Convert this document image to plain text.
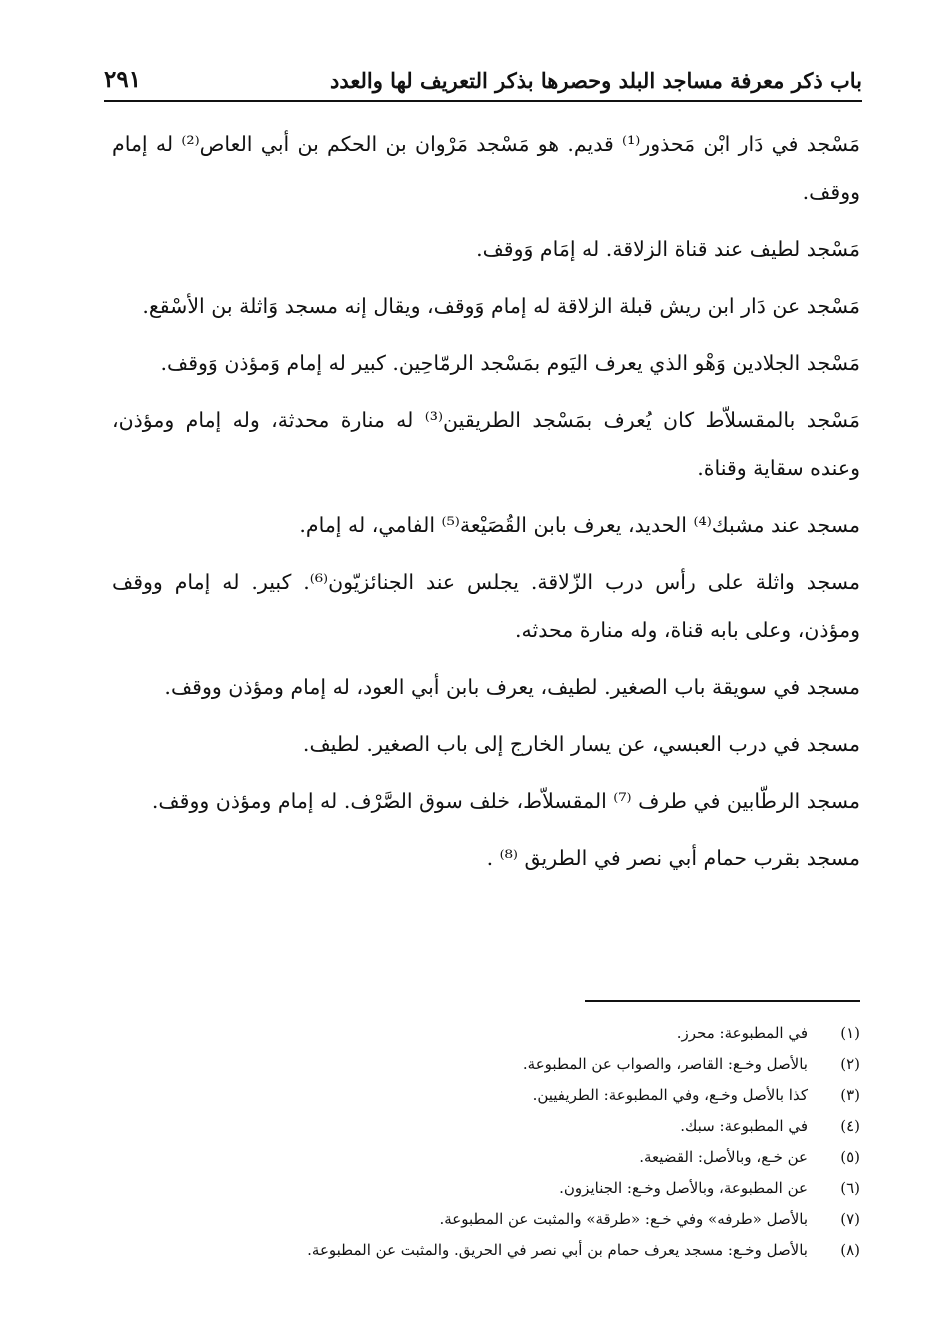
باب ذكر معرفة مساجد البلد وحصرها بذكر التعريف لها والعدد
٢٩١

مَسْجد في دَار ابْن مَحذور⁽¹⁾ قديم. هو مَسْجد مَرْوان بن الحكم بن أبي العاص⁽²⁾ له إمام ووقف.

مَسْجد لطيف عند قناة الزلاقة. له إمَام وَوقف.

مَسْجد عن دَار ابن ريش قبلة الزلاقة له إمام وَوقف، ويقال إنه مسجد وَاثلة بن الأسْقع.

مَسْجد الجلادين وَهْو الذي يعرف اليَوم بمَسْجد الرمّاحِين. كبير له إمام وَمؤذن وَوقف.

مَسْجد بالمقسلاّط كان يُعرف بمَسْجد الطريقين⁽³⁾ له منارة محدثة، وله إمام ومؤذن، وعنده سقاية وقناة.

مسجد عند مشبك⁽⁴⁾ الحديد، يعرف بابن القُصَيْعة⁽⁵⁾ الفامي، له إمام.

مسجد واثلة على رأس درب الزّلاقة. يجلس عند الجنائزيّون⁽⁶⁾. كبير. له إمام ووقف ومؤذن، وعلى بابه قناة، وله منارة محدثه.

مسجد في سويقة باب الصغير. لطيف، يعرف بابن أبي العود، له إمام ومؤذن ووقف.

مسجد في درب العبسي، عن يسار الخارج إلى باب الصغير. لطيف.

مسجد الرطّابين في طرف ⁽⁷⁾ المقسلاّط، خلف سوق الصَّرْف. له إمام ومؤذن ووقف.

مسجد بقرب حمام أبي نصر في الطريق ⁽⁸⁾ .

(١)
في المطبوعة: محرز.
(٢)
بالأصل وخـع: القاصر، والصواب عن المطبوعة.
(٣)
كذا بالأصل وخـع، وفي المطبوعة: الطريفيين.
(٤)
في المطبوعة: سبك.
(٥)
عن خـع، وبالأصل: القضيعة.
(٦)
عن المطبوعة، وبالأصل وخـع: الجنايزون.
(٧)
بالأصل «طرفه» وفي خـع: «طرقة» والمثبت عن المطبوعة.
(٨)
بالأصل وخـع: مسجد يعرف حمام بن أبي نصر في الحريق. والمثبت عن المطبوعة.
